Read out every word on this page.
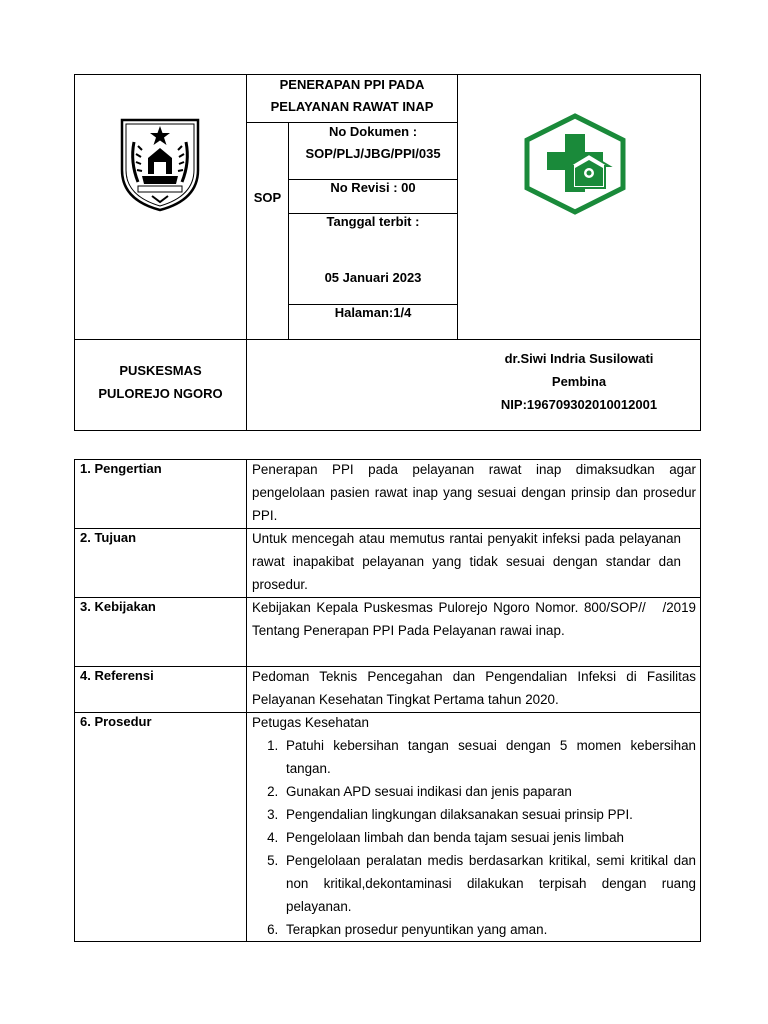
PENERAPAN PPI PADA
PELAYANAN RAWAT INAP
SOP
No Dokumen :
SOP/PLJ/JBG/PPI/035
No Revisi : 00
Tanggal terbit :
05 Januari 2023
Halaman:1/4
PUSKESMAS
PULOREJO NGORO
dr.Siwi Indria Susilowati
Pembina
NIP:196709302010012001
1. Pengertian	Penerapan PPI pada pelayanan rawat inap dimaksudkan agar pengelolaan pasien rawat inap yang sesuai dengan prinsip dan prosedur PPI.
2. Tujuan	Untuk mencegah atau memutus rantai penyakit infeksi pada pelayanan rawat inapakibat pelayanan yang tidak sesuai dengan standar dan prosedur.
3. Kebijakan	Kebijakan Kepala Puskesmas Pulorejo Ngoro Nomor. 800/SOP//   /2019 Tentang Penerapan PPI Pada Pelayanan rawai inap.
4. Referensi	Pedoman Teknis Pencegahan dan Pengendalian Infeksi di Fasilitas Pelayanan Kesehatan Tingkat Pertama tahun 2020.
6. Prosedur	Petugas Kesehatan
1. Patuhi kebersihan tangan sesuai dengan 5 momen kebersihan tangan.
2. Gunakan APD sesuai indikasi dan jenis paparan
3. Pengendalian lingkungan dilaksanakan sesuai prinsip PPI.
4. Pengelolaan limbah dan benda tajam sesuai jenis limbah
5. Pengelolaan peralatan medis berdasarkan kritikal, semi kritikal dan non kritikal,dekontaminasi dilakukan terpisah dengan ruang pelayanan.
6. Terapkan prosedur penyuntikan yang aman.
